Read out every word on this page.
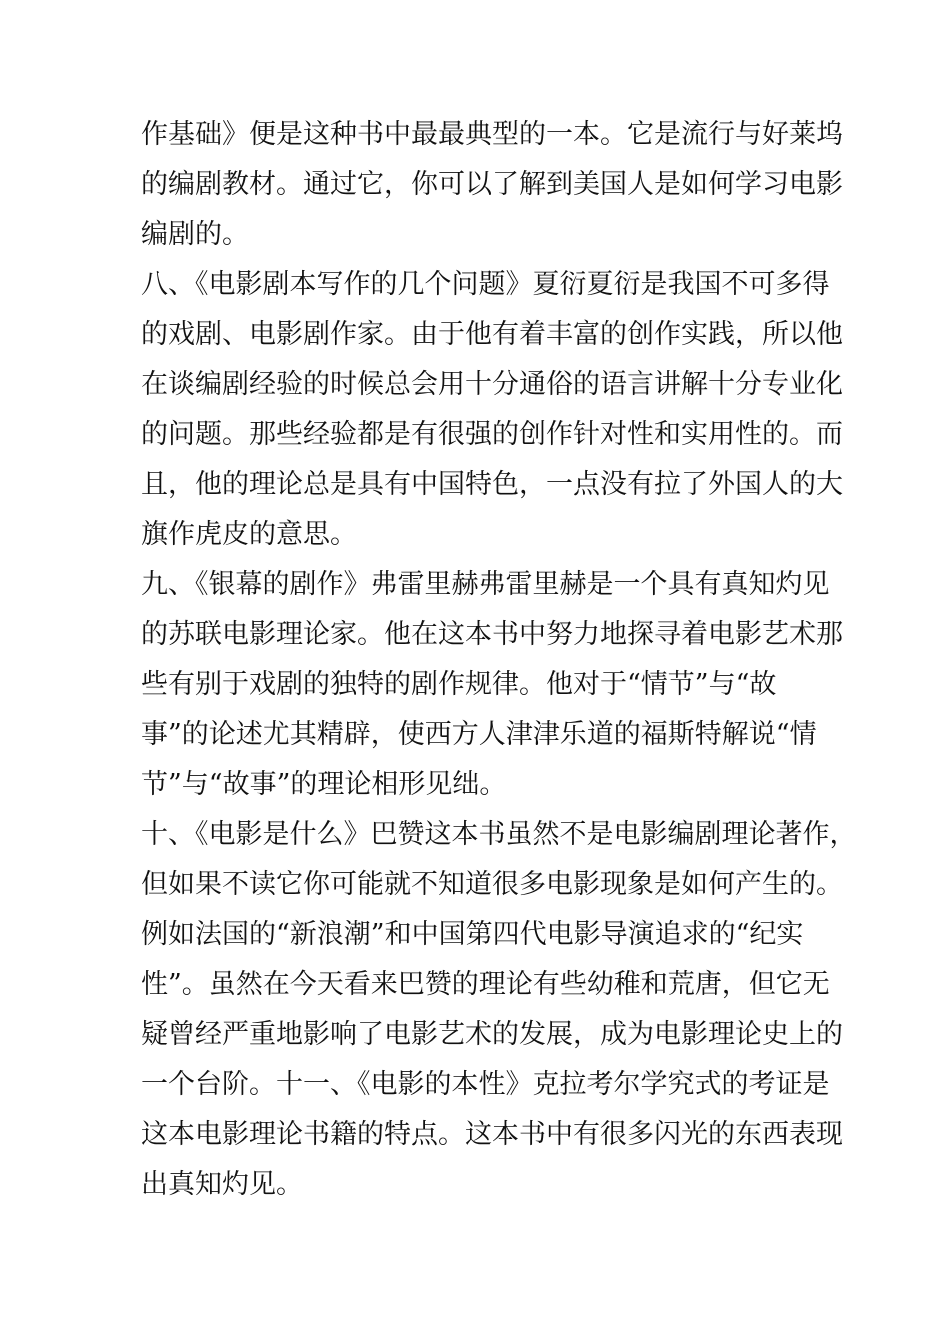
作基础》便是这种书中最最典型的一本。它是流行与好莱坞
的编剧教材。通过它，你可以了解到美国人是如何学习电影
编剧的。
八、《电影剧本写作的几个问题》夏衍夏衍是我国不可多得
的戏剧、电影剧作家。由于他有着丰富的创作实践，所以他
在谈编剧经验的时候总会用十分通俗的语言讲解十分专业化
的问题。那些经验都是有很强的创作针对性和实用性的。而
且，他的理论总是具有中国特色，一点没有拉了外国人的大
旗作虎皮的意思。
九、《银幕的剧作》弗雷里赫弗雷里赫是一个具有真知灼见
的苏联电影理论家。他在这本书中努力地探寻着电影艺术那
些有别于戏剧的独特的剧作规律。他对于“情节”与“故
事”的论述尤其精辟，使西方人津津乐道的福斯特解说“情
节”与“故事”的理论相形见绌。
十、《电影是什么》巴赞这本书虽然不是电影编剧理论著作，
但如果不读它你可能就不知道很多电影现象是如何产生的。
例如法国的“新浪潮”和中国第四代电影导演追求的“纪实
性”。虽然在今天看来巴赞的理论有些幼稚和荒唐，但它无
疑曾经严重地影响了电影艺术的发展，成为电影理论史上的
一个台阶。十一、《电影的本性》克拉考尔学究式的考证是
这本电影理论书籍的特点。这本书中有很多闪光的东西表现
出真知灼见。
